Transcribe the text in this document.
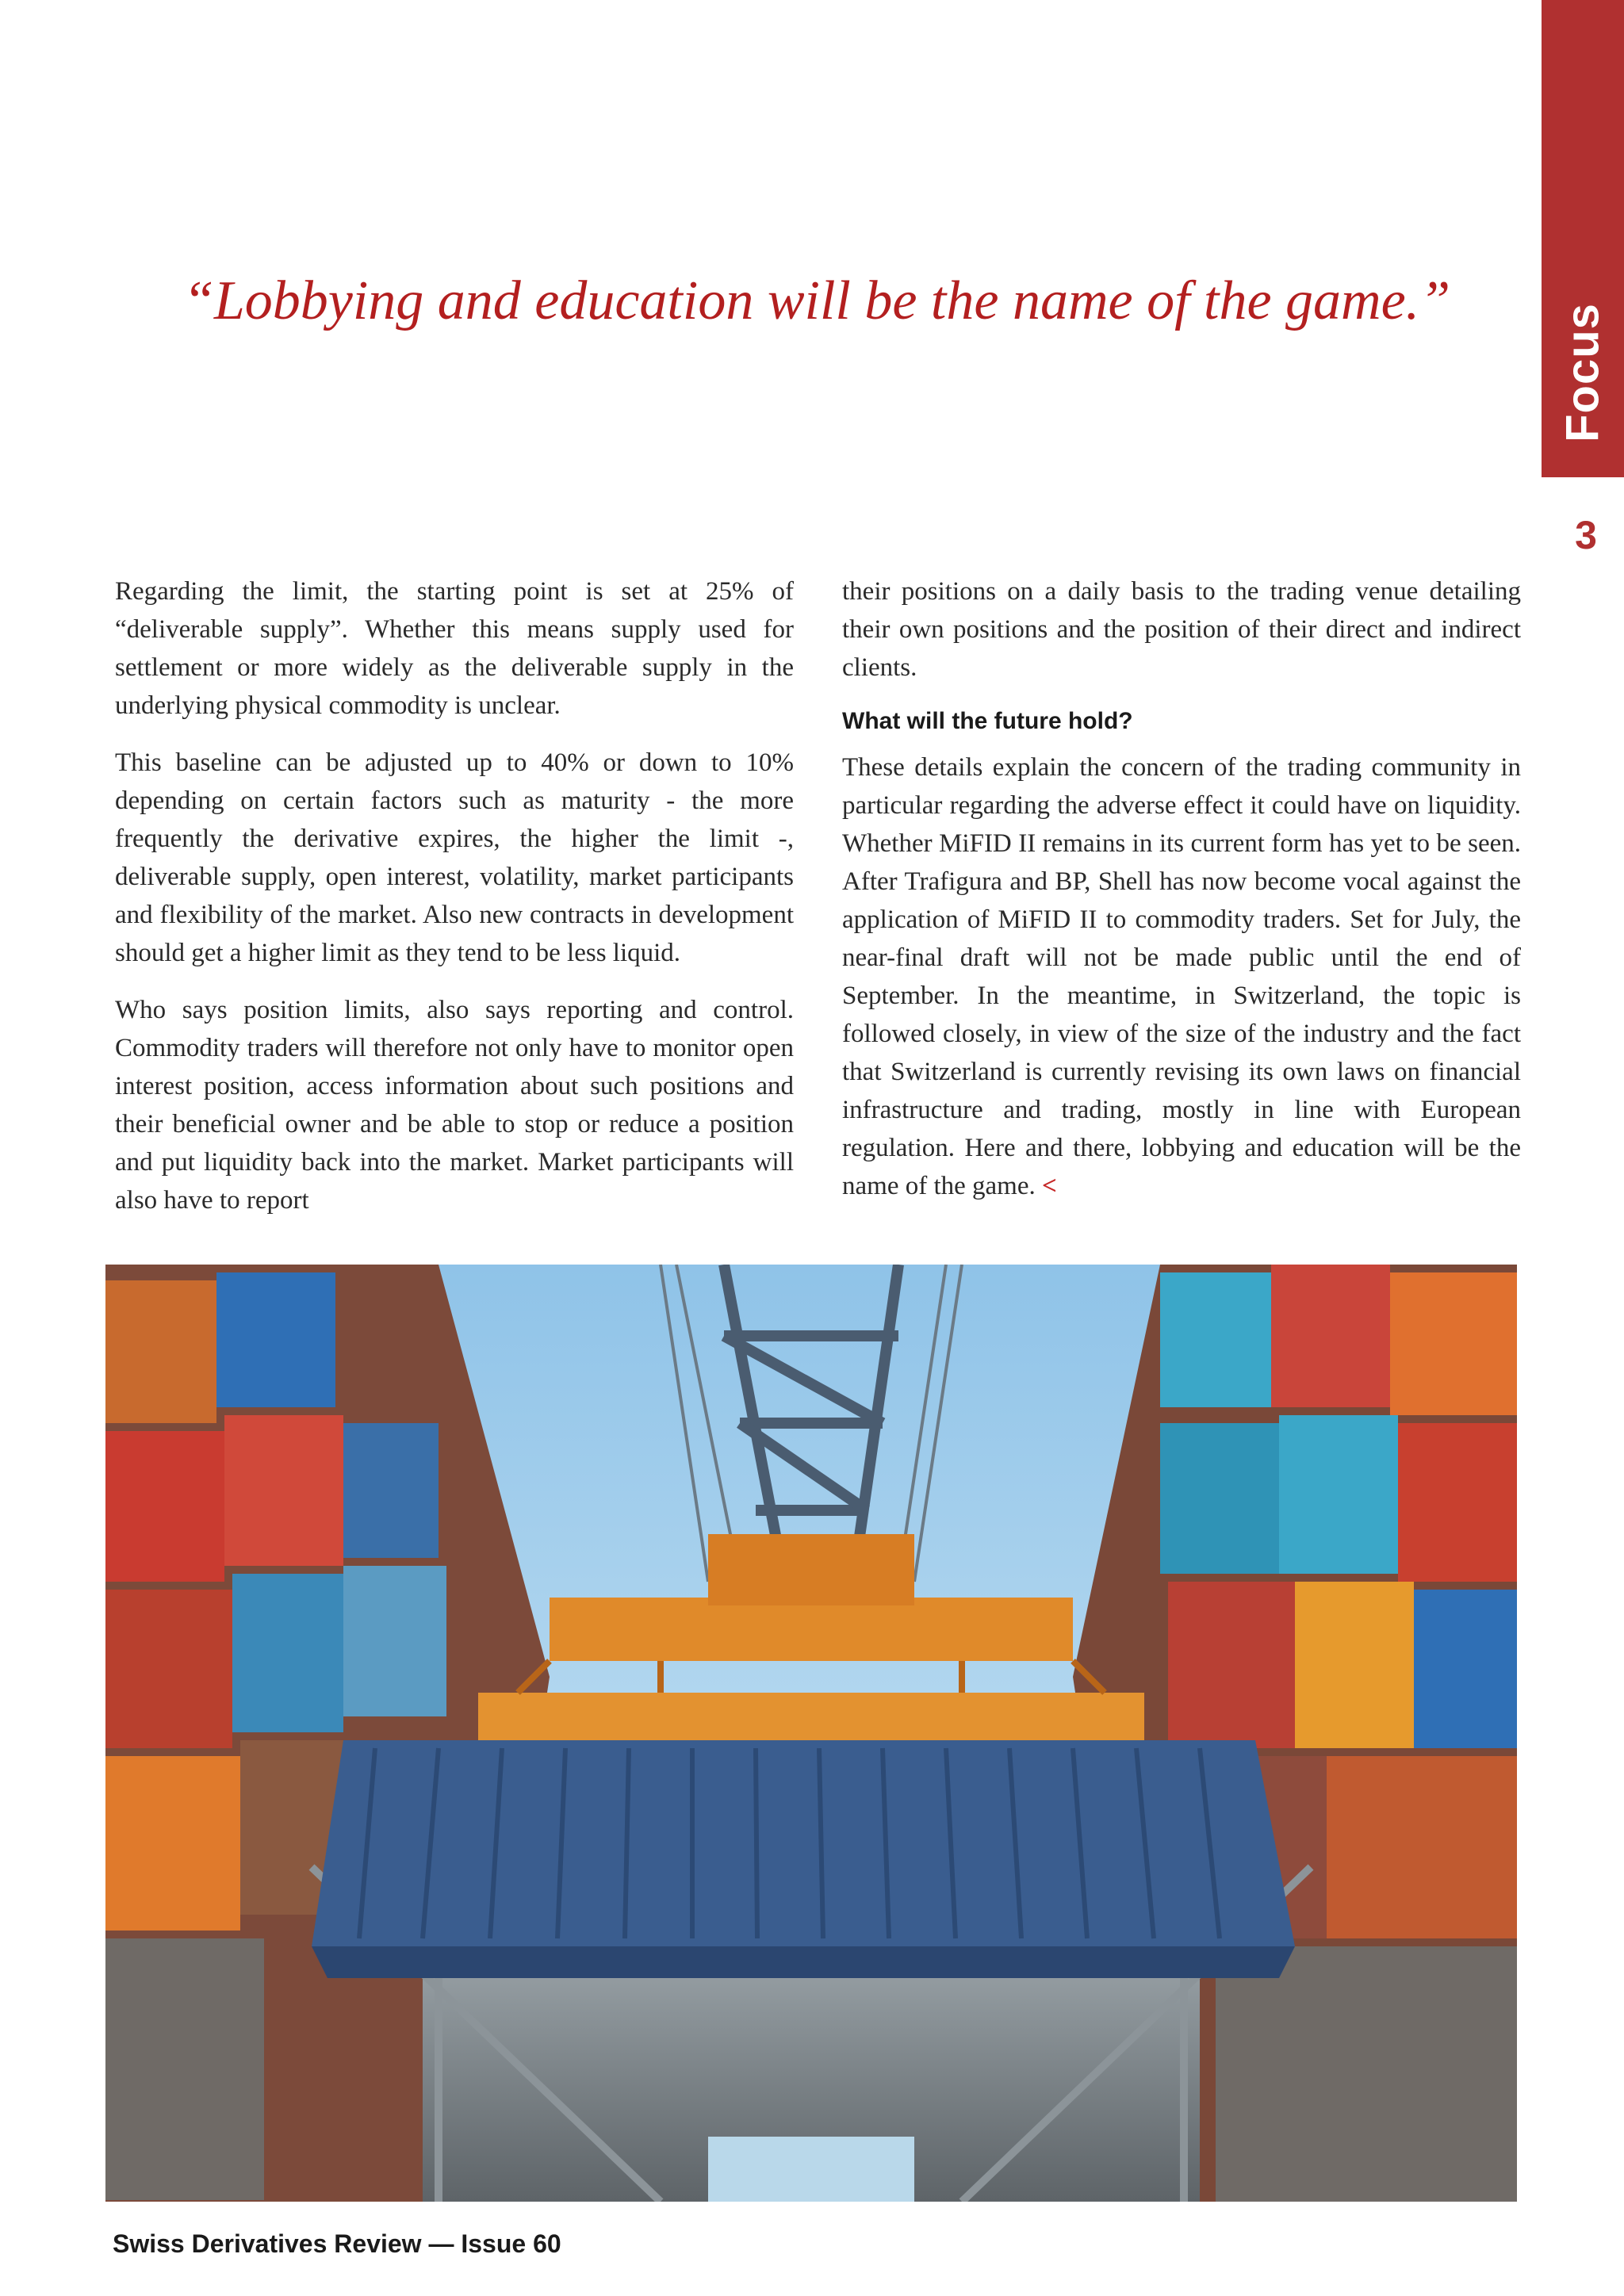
Focus
3
“Lobbying and education will be the name of the game.”

Regarding the limit, the starting point is set at 25% of “deliverable supply”. Whether this means supply used for settlement or more widely as the deliverable supply in the underlying physical commodity is unclear.

This baseline can be adjusted up to 40% or down to 10% depending on certain factors such as maturity - the more frequently the derivative expires, the higher the limit -, deliverable supply, open interest, volatility, market participants and flexibility of the market. Also new contracts in development should get a higher limit as they tend to be less liquid.

Who says position limits, also says reporting and control. Commodity traders will therefore not only have to monitor open interest position, access information about such positions and their beneficial owner and be able to stop or reduce a position and put liquidity back into the market. Market participants will also have to report

their positions on a daily basis to the trading venue detailing their own positions and the position of their direct and indirect clients.

What will the future hold?

These details explain the concern of the trading community in particular regarding the adverse effect it could have on liquidity. Whether MiFID II remains in its current form has yet to be seen. After Trafigura and BP, Shell has now become vocal against the application of MiFID II to commodity traders. Set for July, the near-final draft will not be made public until the end of September. In the meantime, in Switzerland, the topic is followed closely, in view of the size of the industry and the fact that Switzerland is currently revising its own laws on financial infrastructure and trading, mostly in line with European regulation. Here and there, lobbying and education will be the name of the game. <

Swiss Derivatives Review — Issue 60
